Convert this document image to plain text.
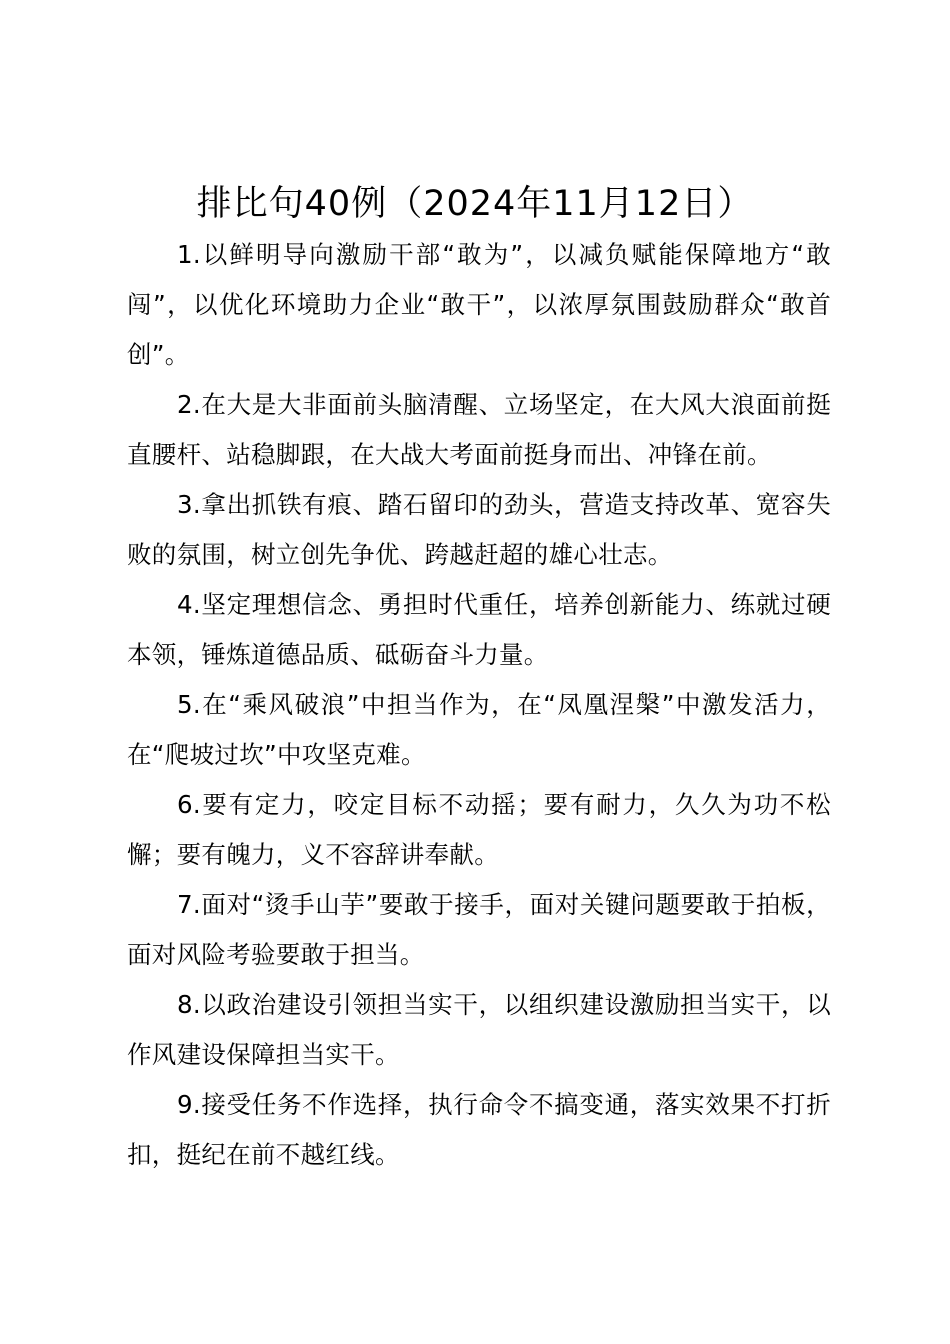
排比句40例（2024年11月12日）

1.以鲜明导向激励干部“敢为”，以减负赋能保障地方“敢闯”，以优化环境助力企业“敢干”，以浓厚氛围鼓励群众“敢首创”。

2.在大是大非面前头脑清醒、立场坚定，在大风大浪面前挺直腰杆、站稳脚跟，在大战大考面前挺身而出、冲锋在前。

3.拿出抓铁有痕、踏石留印的劲头，营造支持改革、宽容失败的氛围，树立创先争优、跨越赶超的雄心壮志。

4.坚定理想信念、勇担时代重任，培养创新能力、练就过硬本领，锤炼道德品质、砥砺奋斗力量。

5.在“乘风破浪”中担当作为，在“凤凰涅槃”中激发活力，在“爬坡过坎”中攻坚克难。

6.要有定力，咬定目标不动摇；要有耐力，久久为功不松懈；要有魄力，义不容辞讲奉献。

7.面对“烫手山芋”要敢于接手，面对关键问题要敢于拍板，面对风险考验要敢于担当。

8.以政治建设引领担当实干，以组织建设激励担当实干，以作风建设保障担当实干。

9.接受任务不作选择，执行命令不搞变通，落实效果不打折扣，挺纪在前不越红线。
